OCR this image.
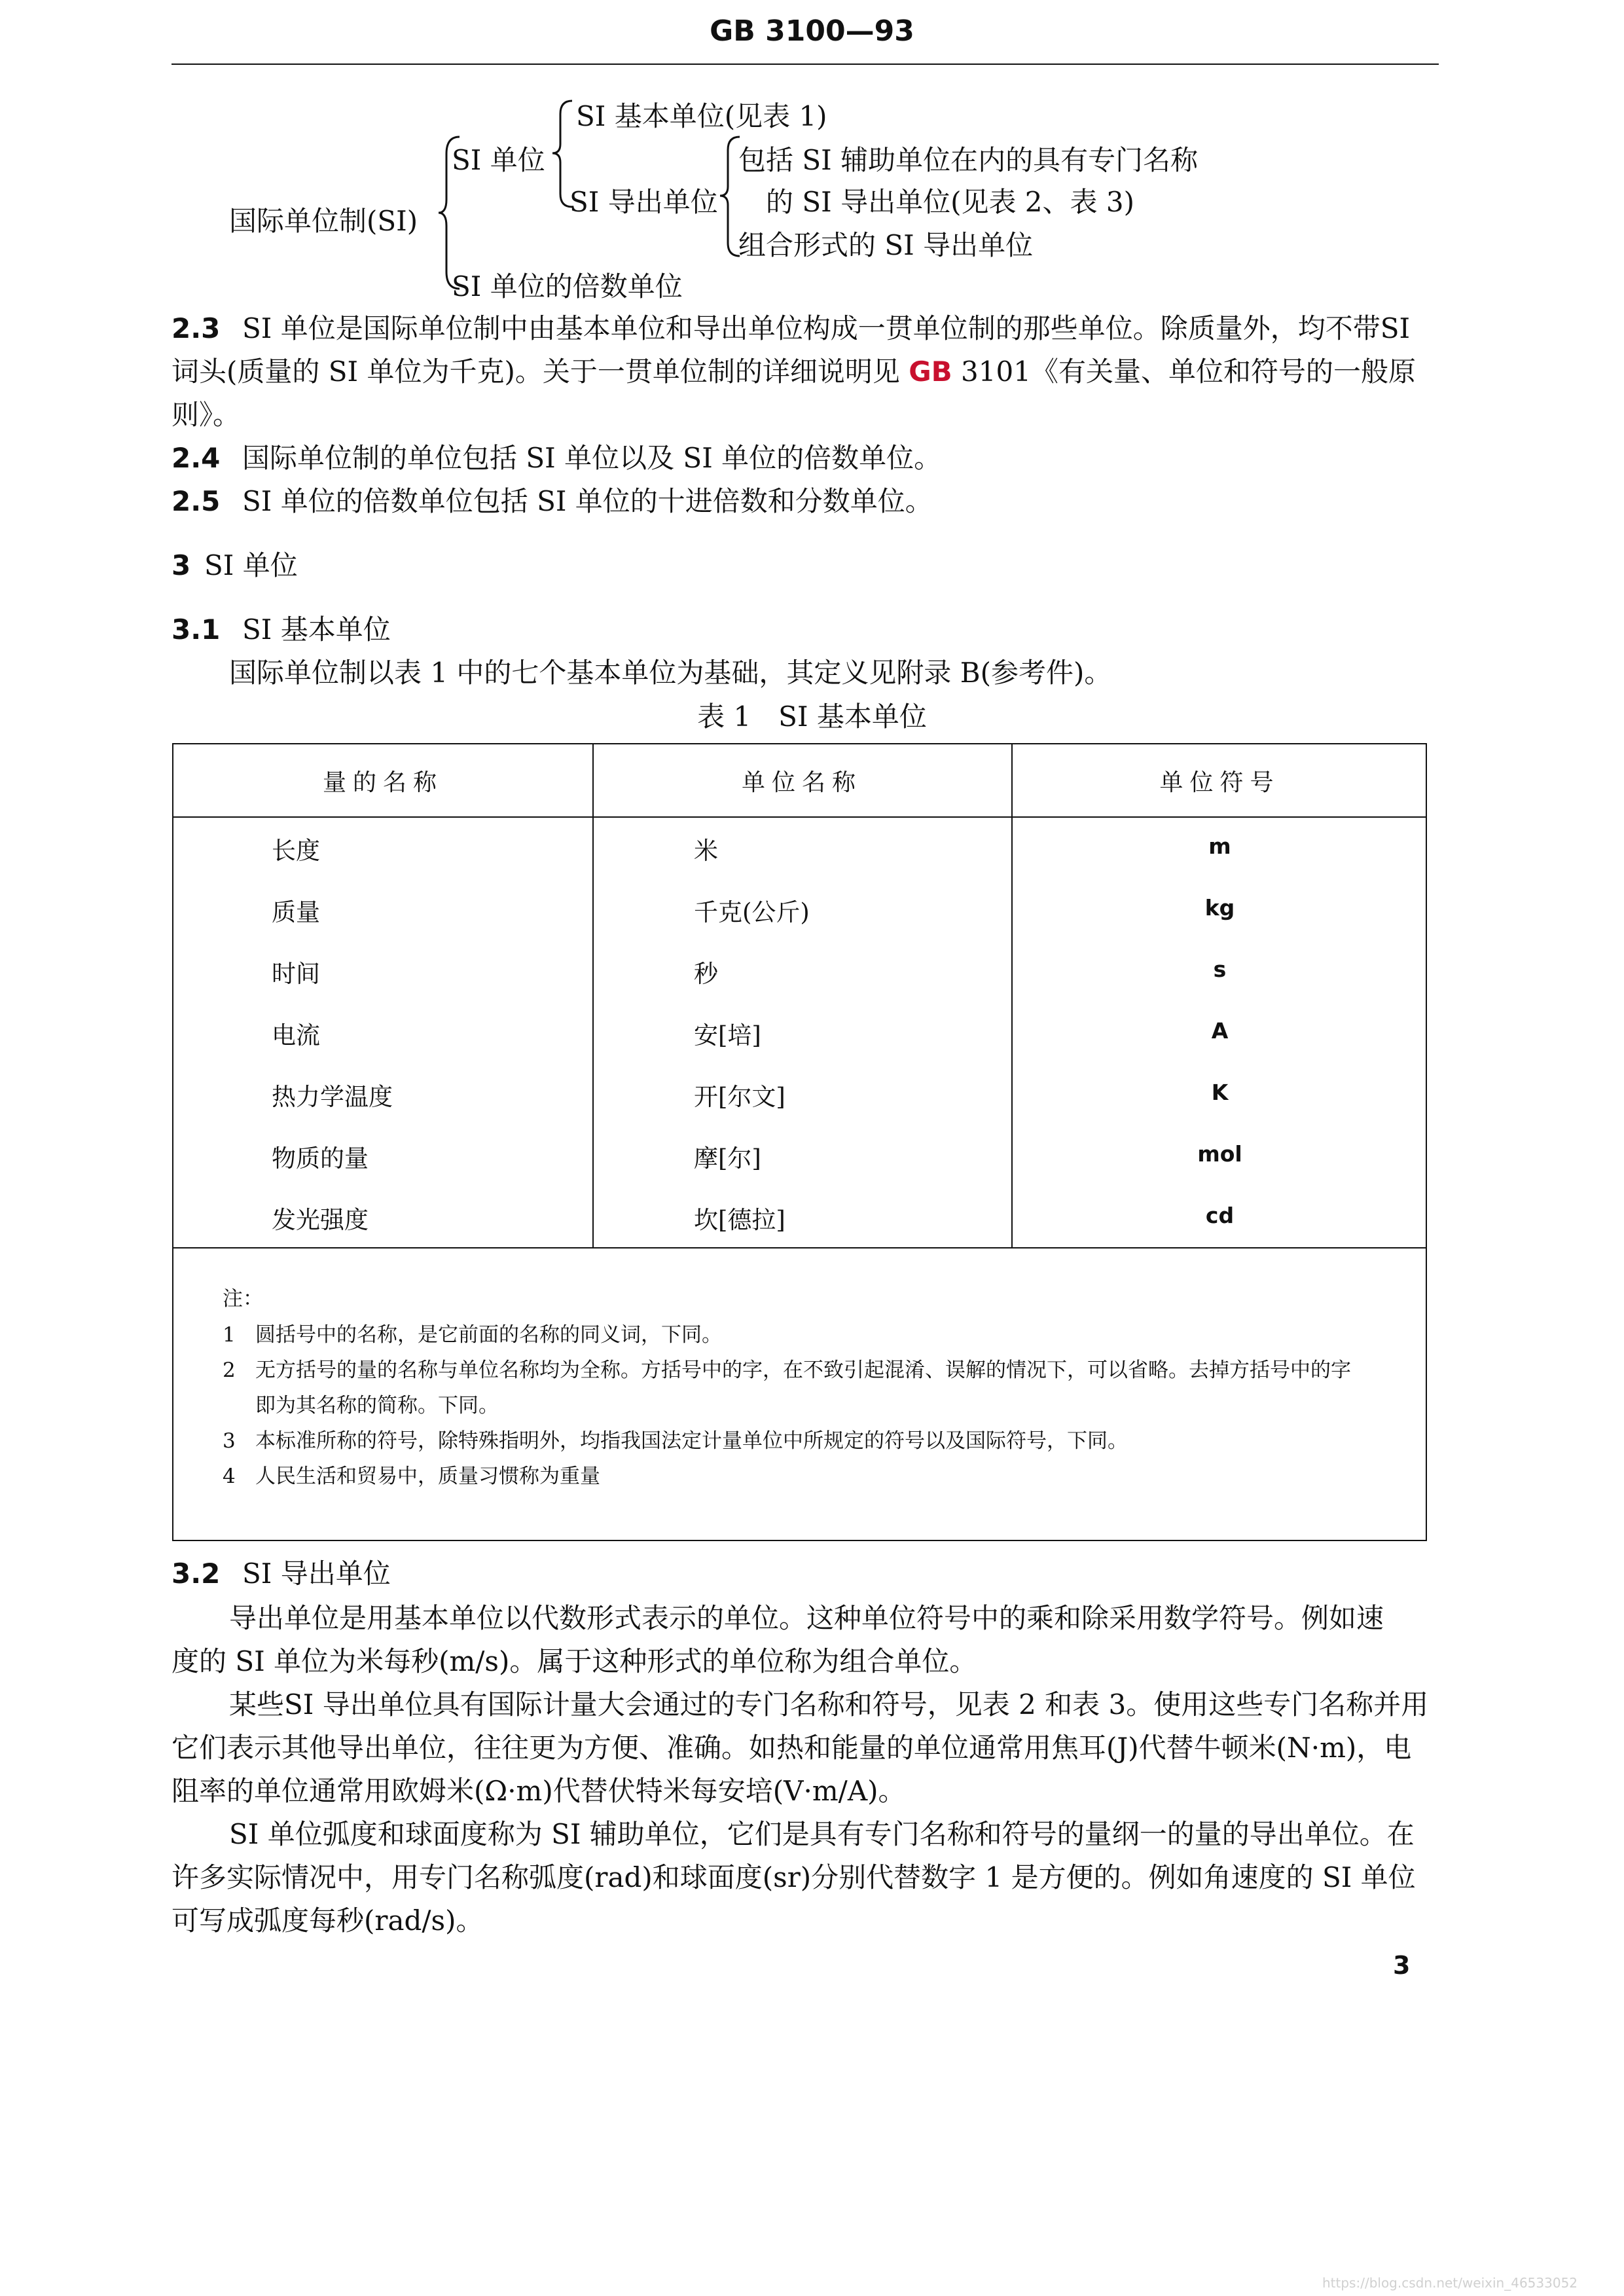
GB 3100—93
国际单位制(SI)
SI 单位
SI 基本单位(见表 1)
SI 导出单位
包括 SI 辅助单位在内的具有专门名称
的 SI 导出单位(见表 2、表 3)
组合形式的 SI 导出单位
SI 单位的倍数单位
2.3 SI 单位是国际单位制中由基本单位和导出单位构成一贯单位制的那些单位。除质量外，均不带SI
词头(质量的 SI 单位为千克)。关于一贯单位制的详细说明见 GB 3101《有关量、单位和符号的一般原
则》。
2.4 国际单位制的单位包括 SI 单位以及 SI 单位的倍数单位。
2.5 SI 单位的倍数单位包括 SI 单位的十进倍数和分数单位。
3 SI 单位
3.1 SI 基本单位
国际单位制以表 1 中的七个基本单位为基础，其定义见附录 B(参考件)。
表 1　SI 基本单位
量的名称	单位名称	单位符号
长度	米	m
质量	千克(公斤)	kg
时间	秒	s
电流	安[培]	A
热力学温度	开[尔文]	K
物质的量	摩[尔]	mol
发光强度	坎[德拉]	cd
注：
1 圆括号中的名称，是它前面的名称的同义词，下同。
2 无方括号的量的名称与单位名称均为全称。方括号中的字，在不致引起混淆、误解的情况下，可以省略。去掉方括号中的字即为其名称的简称。下同。
3 本标准所称的符号，除特殊指明外，均指我国法定计量单位中所规定的符号以及国际符号，下同。
4 人民生活和贸易中，质量习惯称为重量
3.2 SI 导出单位
导出单位是用基本单位以代数形式表示的单位。这种单位符号中的乘和除采用数学符号。例如速
度的 SI 单位为米每秒(m/s)。属于这种形式的单位称为组合单位。
某些SI 导出单位具有国际计量大会通过的专门名称和符号，见表 2 和表 3。使用这些专门名称并用
它们表示其他导出单位，往往更为方便、准确。如热和能量的单位通常用焦耳(J)代替牛顿米(N·m)，电
阻率的单位通常用欧姆米(Ω·m)代替伏特米每安培(V·m/A)。
SI 单位弧度和球面度称为 SI 辅助单位，它们是具有专门名称和符号的量纲一的量的导出单位。在
许多实际情况中，用专门名称弧度(rad)和球面度(sr)分别代替数字 1 是方便的。例如角速度的 SI 单位
可写成弧度每秒(rad/s)。
3
https://blog.csdn.net/weixin_46533052
